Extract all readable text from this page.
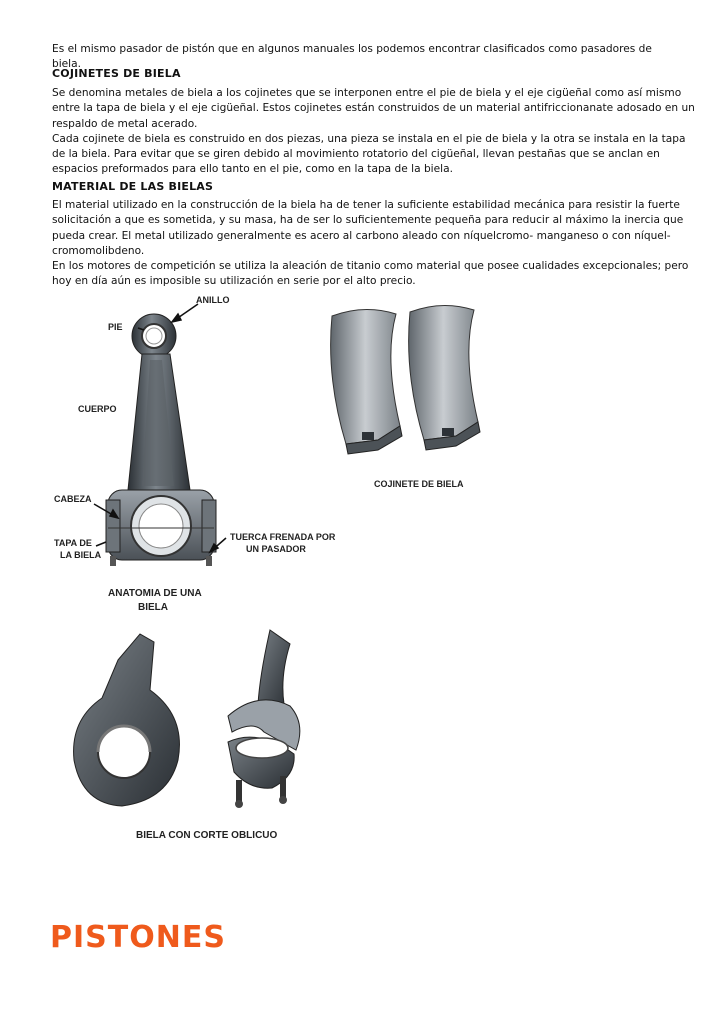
Es el mismo pasador de pistón que en algunos manuales los podemos encontrar clasificados como pasadores de biela.

COJINETES DE BIELA
Se denomina metales de biela a los cojinetes que se interponen entre el pie de biela y el eje cigüeñal como así mismo
entre la tapa de biela y el eje cigüeñal. Estos cojinetes están construidos de un material antifriccionanate adosado en un
respaldo de metal acerado.
Cada cojinete de biela es construido en dos piezas, una pieza se instala en el pie de biela y la otra se instala en la tapa
de la biela. Para evitar que se giren debido al movimiento rotatorio del cigüeñal, llevan pestañas que se anclan en
espacios preformados para ello tanto en el pie, como en la tapa de la biela.
MATERIAL DE LAS BIELAS
El material utilizado en la construcción de la biela ha de tener la suficiente estabilidad mecánica para resistir la fuerte
solicitación a que es sometida, y su masa, ha de ser lo suficientemente pequeña para reducir al máximo la inercia que
pueda crear. El metal utilizado generalmente es acero al carbono aleado con níquelcromo- manganeso o con níquel-
cromomolibdeno.
En los motores de competición se utiliza la aleación de titanio como material que posee cualidades excepcionales; pero
hoy en día aún es imposible su utilización en serie por el alto precio.
ANILLO
PIE
CUERPO
CABEZA
TAPA DE
LA BIELA
TUERCA FRENADA POR
UN PASADOR
ANATOMIA DE UNA
BIELA
COJINETE DE BIELA
BIELA CON CORTE OBLICUO
PISTONES
